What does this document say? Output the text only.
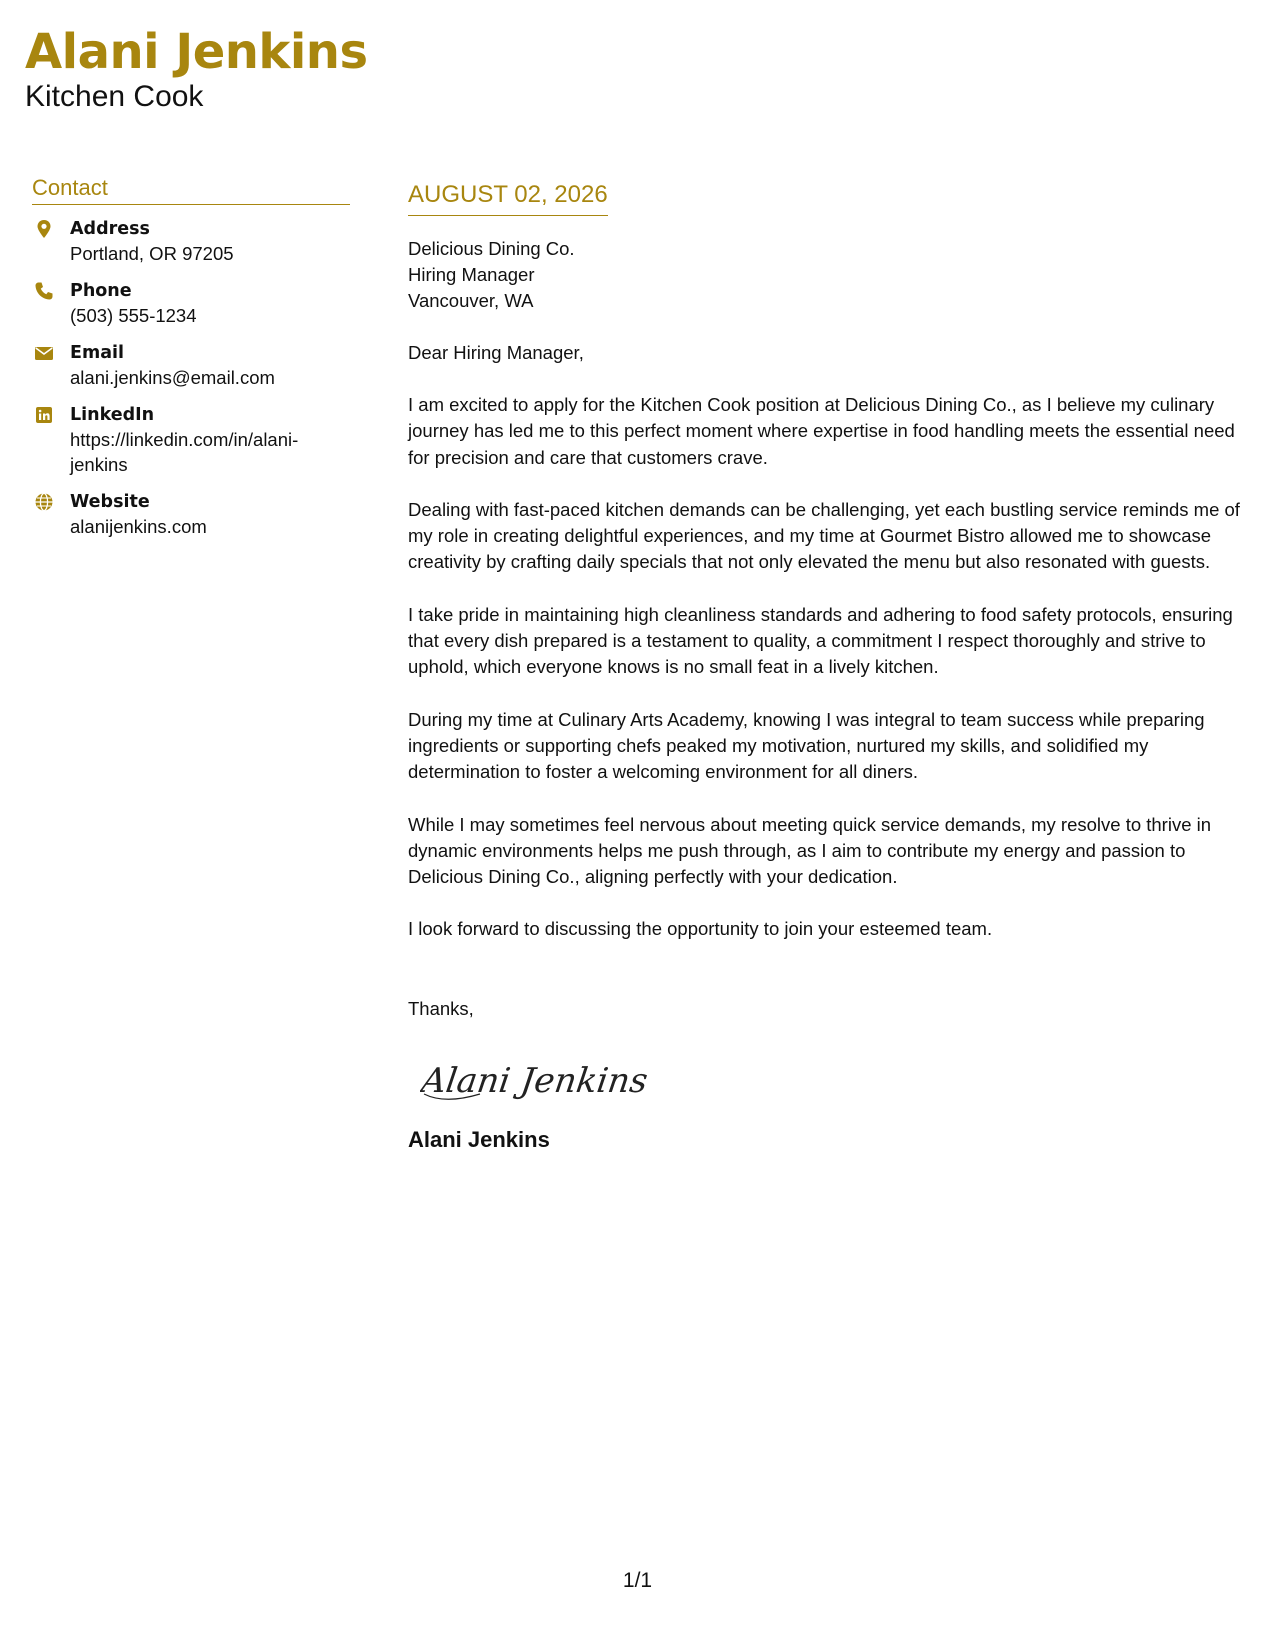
Alani Jenkins
Kitchen Cook
Contact
Address
Portland, OR 97205
Phone
(503) 555-1234
Email
alani.jenkins@email.com
LinkedIn
https://linkedin.com/in/alani-jenkins
Website
alanijenkins.com
AUGUST 02, 2026
Delicious Dining Co.
Hiring Manager
Vancouver, WA
Dear Hiring Manager,
I am excited to apply for the Kitchen Cook position at Delicious Dining Co., as I believe my culinary journey has led me to this perfect moment where expertise in food handling meets the essential need for precision and care that customers crave.
Dealing with fast-paced kitchen demands can be challenging, yet each bustling service reminds me of my role in creating delightful experiences, and my time at Gourmet Bistro allowed me to showcase creativity by crafting daily specials that not only elevated the menu but also resonated with guests.
I take pride in maintaining high cleanliness standards and adhering to food safety protocols, ensuring that every dish prepared is a testament to quality, a commitment I respect thoroughly and strive to uphold, which everyone knows is no small feat in a lively kitchen.
During my time at Culinary Arts Academy, knowing I was integral to team success while preparing ingredients or supporting chefs peaked my motivation, nurtured my skills, and solidified my determination to foster a welcoming environment for all diners.
While I may sometimes feel nervous about meeting quick service demands, my resolve to thrive in dynamic environments helps me push through, as I aim to contribute my energy and passion to Delicious Dining Co., aligning perfectly with your dedication.
I look forward to discussing the opportunity to join your esteemed team.
Thanks,
Alani Jenkins
Alani Jenkins
1/1
